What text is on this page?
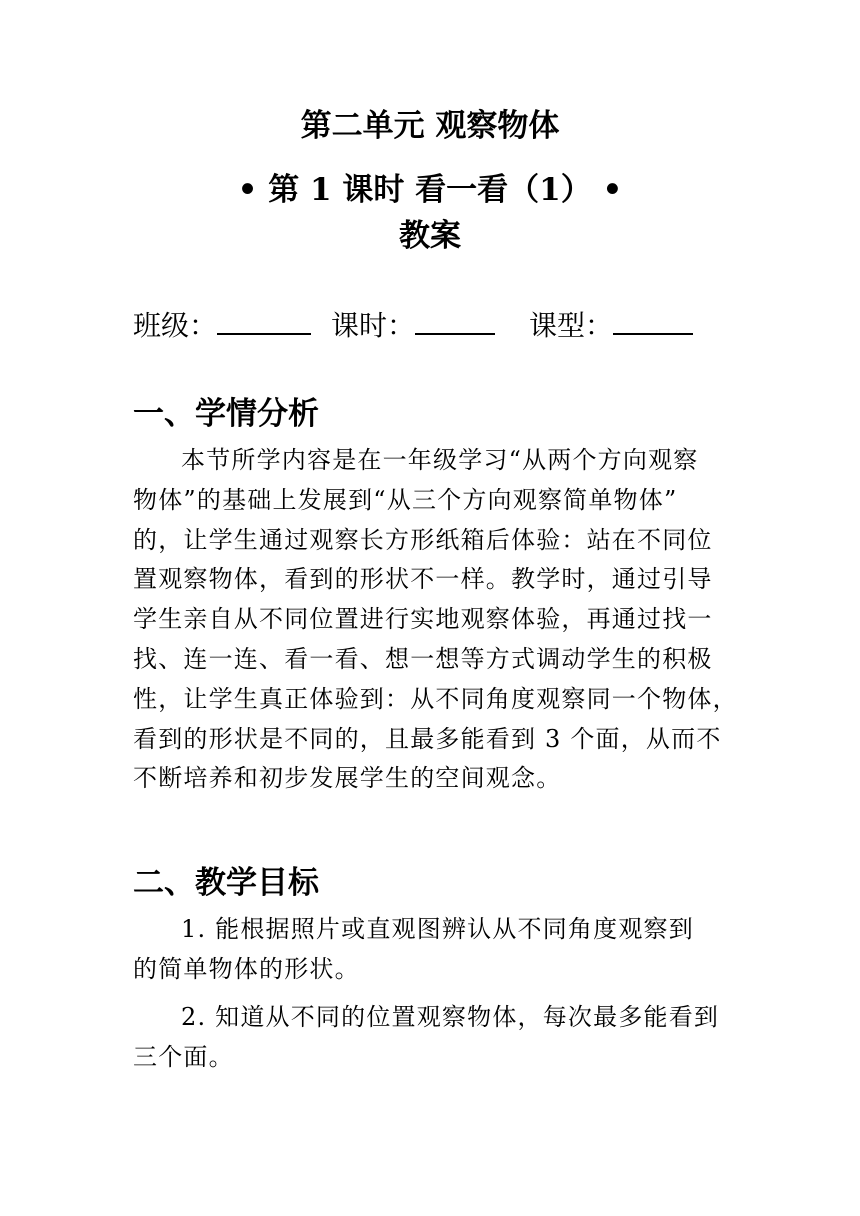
第二单元 观察物体
• 第 1 课时 看一看（1） •
教案
班级：	课时：	课型：
一、学情分析
本节所学内容是在一年级学习“从两个方向观察
物体”的基础上发展到“从三个方向观察简单物体”
的，让学生通过观察长方形纸箱后体验：站在不同位
置观察物体，看到的形状不一样。教学时，通过引导
学生亲自从不同位置进行实地观察体验，再通过找一
找、连一连、看一看、想一想等方式调动学生的积极
性，让学生真正体验到：从不同角度观察同一个物体，
看到的形状是不同的，且最多能看到 3 个面，从而不
不断培养和初步发展学生的空间观念。
二、教学目标
1. 能根据照片或直观图辨认从不同角度观察到
的简单物体的形状。
2. 知道从不同的位置观察物体，每次最多能看到
三个面。
